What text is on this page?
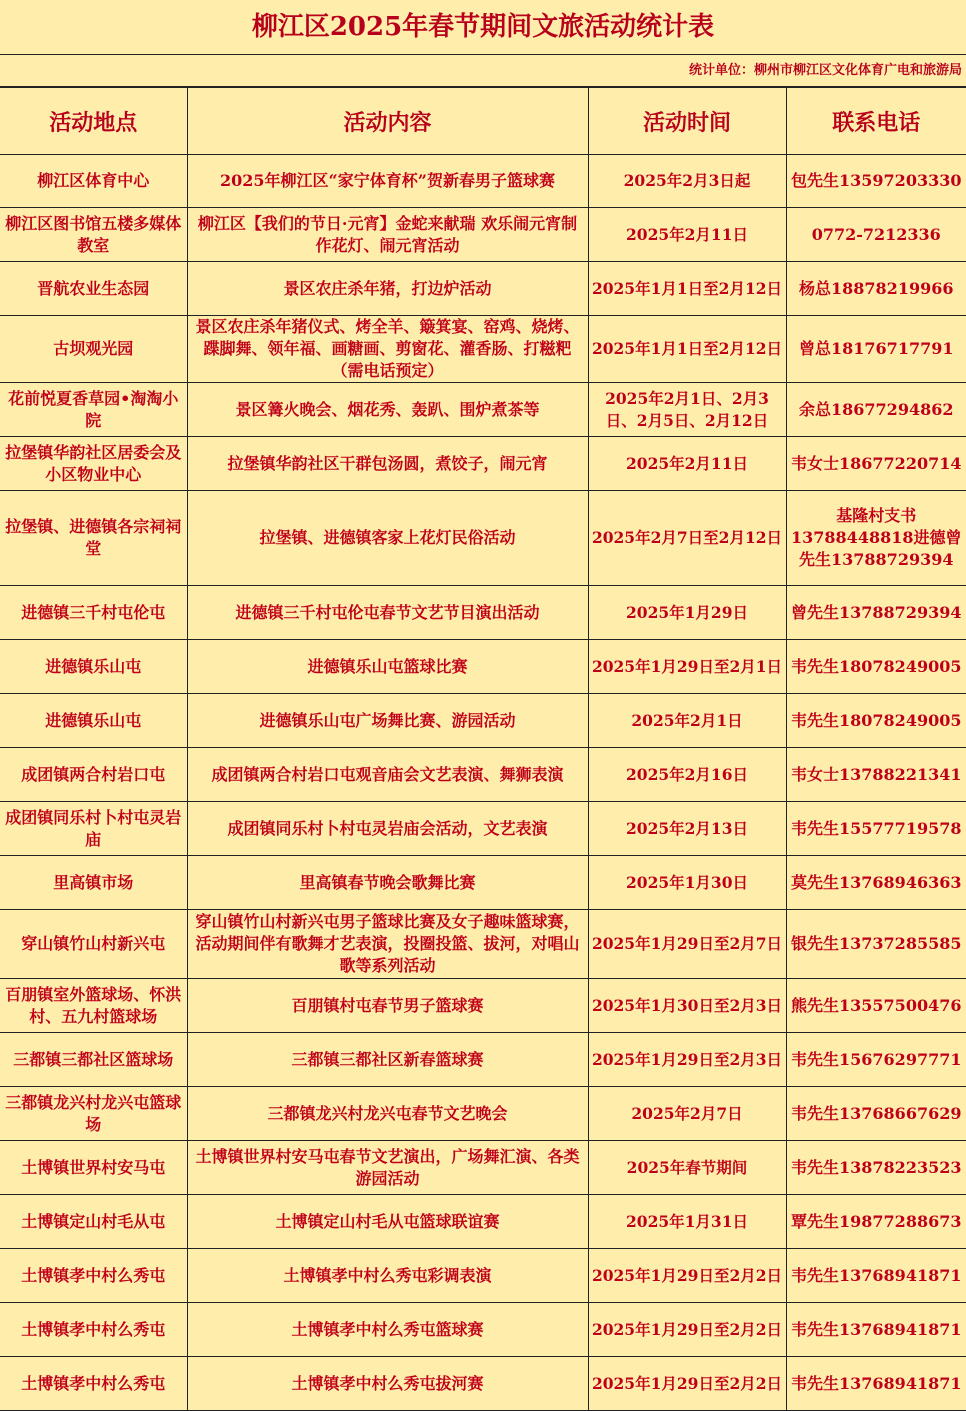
柳江区2025年春节期间文旅活动统计表
统计单位：柳州市柳江区文化体育广电和旅游局
活动地点	活动内容	活动时间	联系电话
柳江区体育中心	2025年柳江区“家宁体育杯”贺新春男子篮球赛	2025年2月3日起	包先生13597203330
柳江区图书馆五楼多媒体教室	柳江区【我们的节日·元宵】金蛇来献瑞 欢乐闹元宵制作花灯、闹元宵活动	2025年2月11日	0772-7212336
晋航农业生态园	景区农庄杀年猪，打边炉活动	2025年1月1日至2月12日	杨总18878219966
古坝观光园	景区农庄杀年猪仪式、烤全羊、簸箕宴、窑鸡、烧烤、蹀脚舞、领年福、画糖画、剪窗花、灌香肠、打糍粑（需电话预定）	2025年1月1日至2月12日	曾总18176717791
花前悦夏香草园•淘淘小院	景区篝火晚会、烟花秀、轰趴、围炉煮茶等	2025年2月1日、2月3日、2月5日、2月12日	余总18677294862
拉堡镇华韵社区居委会及小区物业中心	拉堡镇华韵社区干群包汤圆，煮饺子，闹元宵	2025年2月11日	韦女士18677220714
拉堡镇、进德镇各宗祠祠堂	拉堡镇、进德镇客家上花灯民俗活动	2025年2月7日至2月12日	基隆村支书13788448818进德曾先生13788729394
进德镇三千村屯伦屯	进德镇三千村屯伦屯春节文艺节目演出活动	2025年1月29日	曾先生13788729394
进德镇乐山屯	进德镇乐山屯篮球比赛	2025年1月29日至2月1日	韦先生18078249005
进德镇乐山屯	进德镇乐山屯广场舞比赛、游园活动	2025年2月1日	韦先生18078249005
成团镇两合村岩口屯	成团镇两合村岩口屯观音庙会文艺表演、舞狮表演	2025年2月16日	韦女士13788221341
成团镇同乐村卜村屯灵岩庙	成团镇同乐村卜村屯灵岩庙会活动，文艺表演	2025年2月13日	韦先生15577719578
里高镇市场	里高镇春节晚会歌舞比赛	2025年1月30日	莫先生13768946363
穿山镇竹山村新兴屯	穿山镇竹山村新兴屯男子篮球比赛及女子趣味篮球赛，活动期间伴有歌舞才艺表演，投圈投篮、拔河，对唱山歌等系列活动	2025年1月29日至2月7日	银先生13737285585
百朋镇室外篮球场、怀洪村、五九村篮球场	百朋镇村屯春节男子篮球赛	2025年1月30日至2月3日	熊先生13557500476
三都镇三都社区篮球场	三都镇三都社区新春篮球赛	2025年1月29日至2月3日	韦先生15676297771
三都镇龙兴村龙兴屯篮球场	三都镇龙兴村龙兴屯春节文艺晚会	2025年2月7日	韦先生13768667629
土博镇世界村安马屯	土博镇世界村安马屯春节文艺演出，广场舞汇演、各类游园活动	2025年春节期间	韦先生13878223523
土博镇定山村毛从屯	土博镇定山村毛从屯篮球联谊赛	2025年1月31日	覃先生19877288673
土博镇孝中村么秀屯	土博镇孝中村么秀屯彩调表演	2025年1月29日至2月2日	韦先生13768941871
土博镇孝中村么秀屯	土博镇孝中村么秀屯篮球赛	2025年1月29日至2月2日	韦先生13768941871
土博镇孝中村么秀屯	土博镇孝中村么秀屯拔河赛	2025年1月29日至2月2日	韦先生13768941871
